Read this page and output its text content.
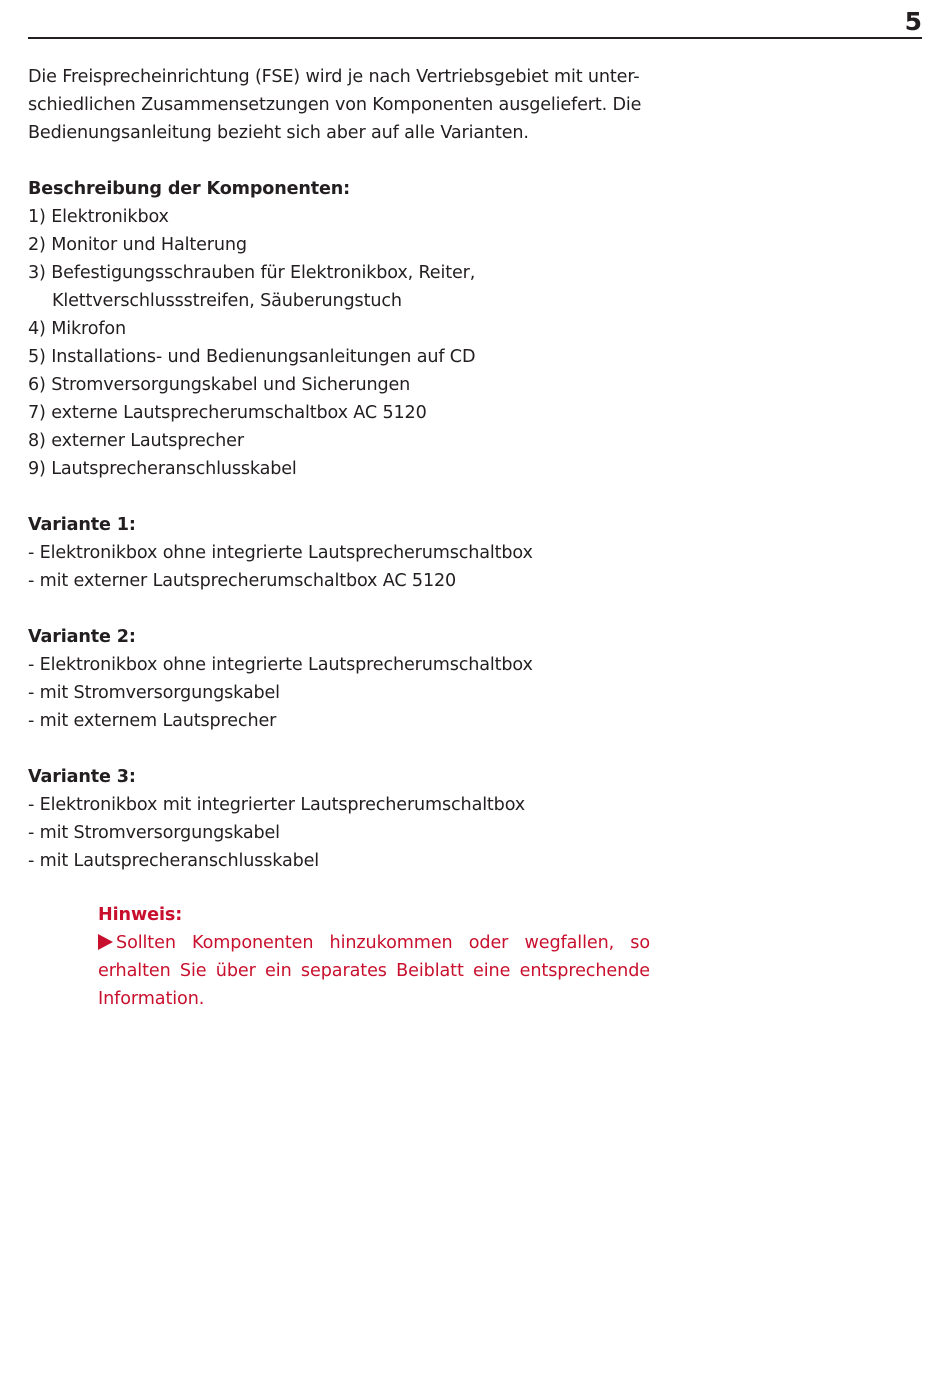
5

Die Freisprecheinrichtung (FSE) wird je nach Vertriebsgebiet mit unter-

schiedlichen Zusammensetzungen von Komponenten ausgeliefert. Die

Bedienungsanleitung bezieht sich aber auf alle Varianten.

Beschreibung der Komponenten:

1) Elektronikbox

2) Monitor und Halterung

3) Befestigungsschrauben für Elektronikbox, Reiter,

Klettverschlussstreifen, Säuberungstuch

4) Mikrofon

5) Installations- und Bedienungsanleitungen auf CD

6) Stromversorgungskabel und Sicherungen

7) externe Lautsprecherumschaltbox AC 5120

8) externer Lautsprecher

9) Lautsprecheranschlusskabel

Variante 1:

- Elektronikbox ohne integrierte Lautsprecherumschaltbox

- mit externer Lautsprecherumschaltbox AC 5120

Variante 2:

- Elektronikbox ohne integrierte Lautsprecherumschaltbox

- mit Stromversorgungskabel

- mit externem Lautsprecher

Variante 3:

- Elektronikbox mit integrierter Lautsprecherumschaltbox

- mit Stromversorgungskabel

- mit Lautsprecheranschlusskabel

Hinweis:

Sollten Komponenten hinzukommen oder wegfallen, so erhalten Sie über ein separates Beiblatt eine entsprechende Information.
